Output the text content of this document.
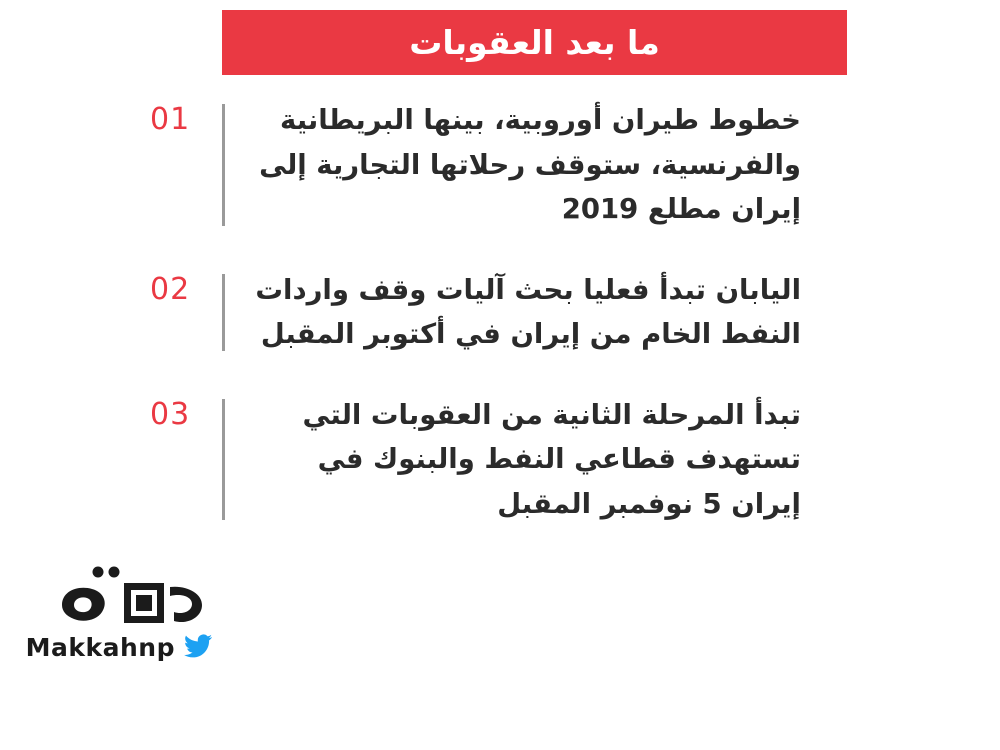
ما بعد العقوبات
خطوط طيران أوروبية، بينها البريطانية والفرنسية، ستوقف رحلاتها التجارية إلى إيران مطلع 2019
01
اليابان تبدأ فعليا بحث آليات وقف واردات النفط الخام من إيران في أكتوبر المقبل
02
تبدأ المرحلة الثانية من العقوبات التي تستهدف قطاعي النفط والبنوك في إيران 5 نوفمبر المقبل
03
Makkahnp
